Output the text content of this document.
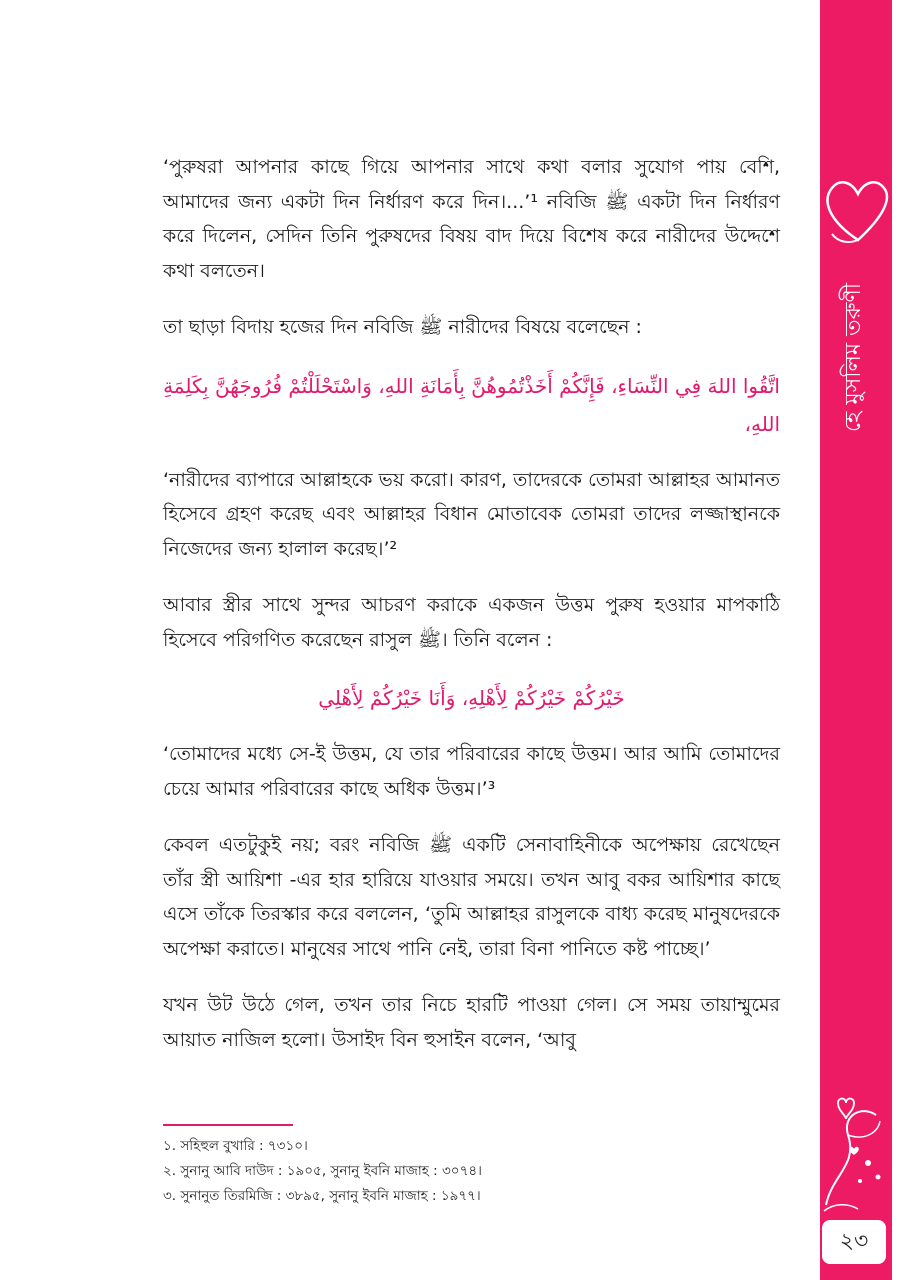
‘পুরুষরা আপনার কাছে গিয়ে আপনার সাথে কথা বলার সুযোগ পায় বেশি, আমাদের জন্য একটা দিন নির্ধারণ করে দিন।...’¹ নবিজি ﷺ একটা দিন নির্ধারণ করে দিলেন, সেদিন তিনি পুরুষদের বিষয় বাদ দিয়ে বিশেষ করে নারীদের উদ্দেশে কথা বলতেন।

তা ছাড়া বিদায় হজের দিন নবিজি ﷺ নারীদের বিষয়ে বলেছেন :

اتَّقُوا اللهَ فِي النِّسَاءِ، فَإِنَّكُمْ أَخَذْتُمُوهُنَّ بِأَمَانَةِ اللهِ، وَاسْتَحْلَلْتُمْ فُرُوجَهُنَّ بِكَلِمَةِ اللهِ،

‘নারীদের ব্যাপারে আল্লাহকে ভয় করো। কারণ, তাদেরকে তোমরা আল্লাহর আমানত হিসেবে গ্রহণ করেছ এবং আল্লাহর বিধান মোতাবেক তোমরা তাদের লজ্জাস্থানকে নিজেদের জন্য হালাল করেছ।’²

আবার স্ত্রীর সাথে সুন্দর আচরণ করাকে একজন উত্তম পুরুষ হওয়ার মাপকাঠি হিসেবে পরিগণিত করেছেন রাসুল ﷺ। তিনি বলেন :

خَيْرُكُمْ خَيْرُكُمْ لِأَهْلِهِ، وَأَنَا خَيْرُكُمْ لِأَهْلِي

‘তোমাদের মধ্যে সে-ই উত্তম, যে তার পরিবারের কাছে উত্তম। আর আমি তোমাদের চেয়ে আমার পরিবারের কাছে অধিক উত্তম।’³

কেবল এতটুকুই নয়; বরং নবিজি ﷺ একটি সেনাবাহিনীকে অপেক্ষায় রেখেছেন তাঁর স্ত্রী আয়িশা -এর হার হারিয়ে যাওয়ার সময়ে। তখন আবু বকর আয়িশার কাছে এসে তাঁকে তিরস্কার করে বললেন, ‘তুমি আল্লাহর রাসুলকে বাধ্য করেছ মানুষদেরকে অপেক্ষা করাতে। মানুষের সাথে পানি নেই, তারা বিনা পানিতে কষ্ট পাচ্ছে।’

যখন উট উঠে গেল, তখন তার নিচে হারটি পাওয়া গেল। সে সময় তায়াম্মুমের আয়াত নাজিল হলো। উসাইদ বিন হুসাইন বলেন, ‘আবু

১. সহিহুল বুখারি : ৭৩১০।
২. সুনানু আবি দাউদ : ১৯০৫, সুনানু ইবনি মাজাহ : ৩০৭৪।
৩. সুনানুত তিরমিজি : ৩৮৯৫, সুনানু ইবনি মাজাহ : ১৯৭৭।
হে মুসলিম তরুণী
২৩
